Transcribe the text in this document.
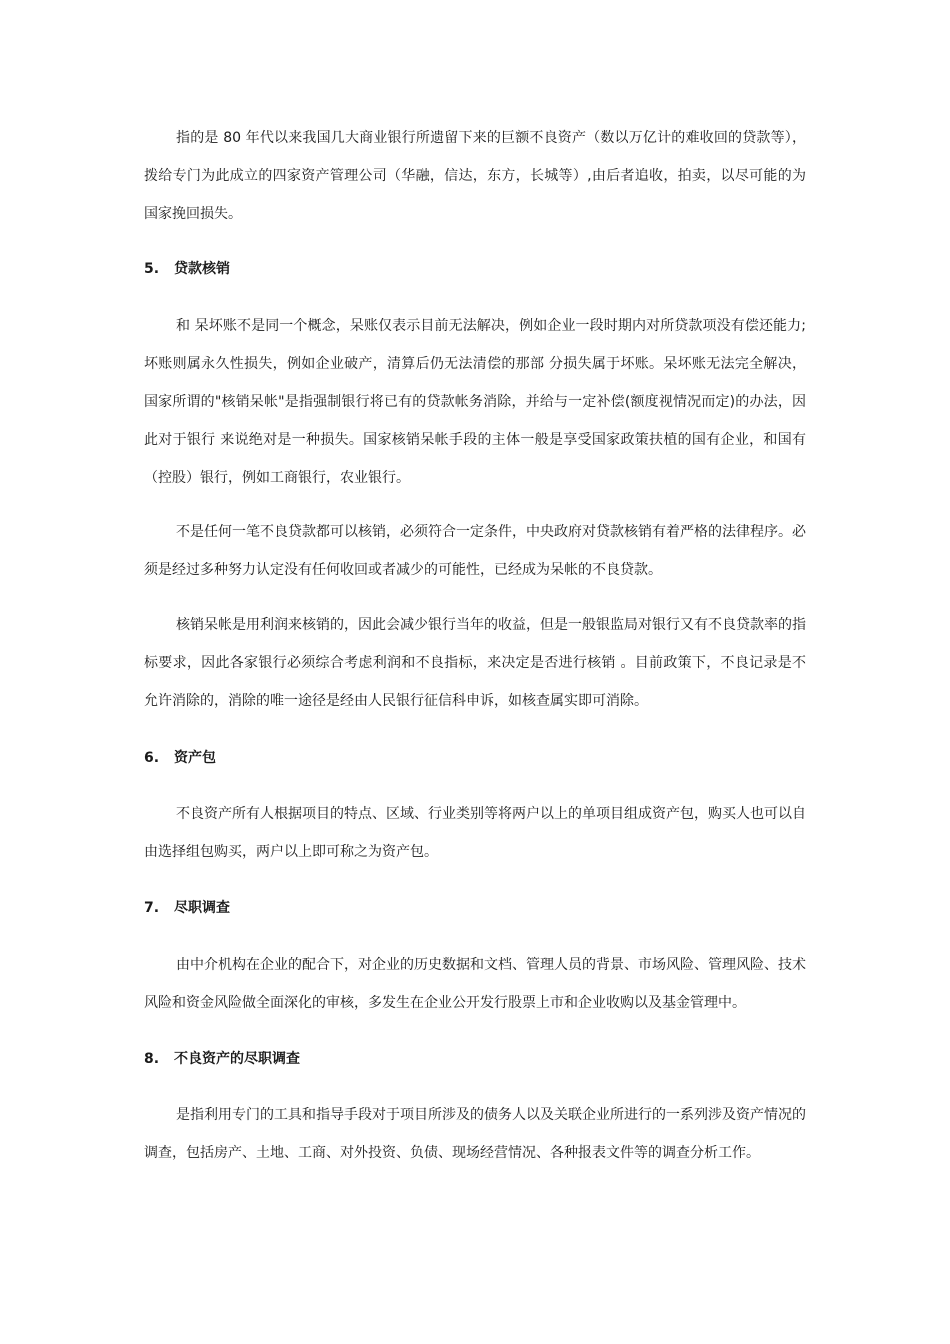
指的是 80 年代以来我国几大商业银行所遗留下来的巨额不良资产（数以万亿计的难收回的贷款等），拨给专门为此成立的四家资产管理公司（华融，信达，东方，长城等）,由后者追收，拍卖，以尽可能的为国家挽回损失。

5. 贷款核销

和 呆坏账不是同一个概念，呆账仅表示目前无法解决，例如企业一段时期内对所贷款项没有偿还能力;坏账则属永久性损失，例如企业破产，清算后仍无法清偿的那部 分损失属于坏账。呆坏账无法完全解决，国家所谓的"核销呆帐"是指强制银行将已有的贷款帐务消除，并给与一定补偿(额度视情况而定)的办法，因此对于银行 来说绝对是一种损失。国家核销呆帐手段的主体一般是享受国家政策扶植的国有企业，和国有（控股）银行，例如工商银行，农业银行。

不是任何一笔不良贷款都可以核销，必须符合一定条件，中央政府对贷款核销有着严格的法律程序。必须是经过多种努力认定没有任何收回或者减少的可能性，已经成为呆帐的不良贷款。

核销呆帐是用利润来核销的，因此会减少银行当年的收益，但是一般银监局对银行又有不良贷款率的指标要求，因此各家银行必须综合考虑利润和不良指标，来决定是否进行核销 。目前政策下，不良记录是不允许消除的，消除的唯一途径是经由人民银行征信科申诉，如核查属实即可消除。

6. 资产包

不良资产所有人根据项目的特点、区域、行业类别等将两户以上的单项目组成资产包，购买人也可以自由选择组包购买，两户以上即可称之为资产包。

7. 尽职调查

由中介机构在企业的配合下，对企业的历史数据和文档、管理人员的背景、市场风险、管理风险、技术风险和资金风险做全面深化的审核，多发生在企业公开发行股票上市和企业收购以及基金管理中。

8. 不良资产的尽职调查

是指利用专门的工具和指导手段对于项目所涉及的债务人以及关联企业所进行的一系列涉及资产情况的调查，包括房产、土地、工商、对外投资、负债、现场经营情况、各种报表文件等的调查分析工作。
